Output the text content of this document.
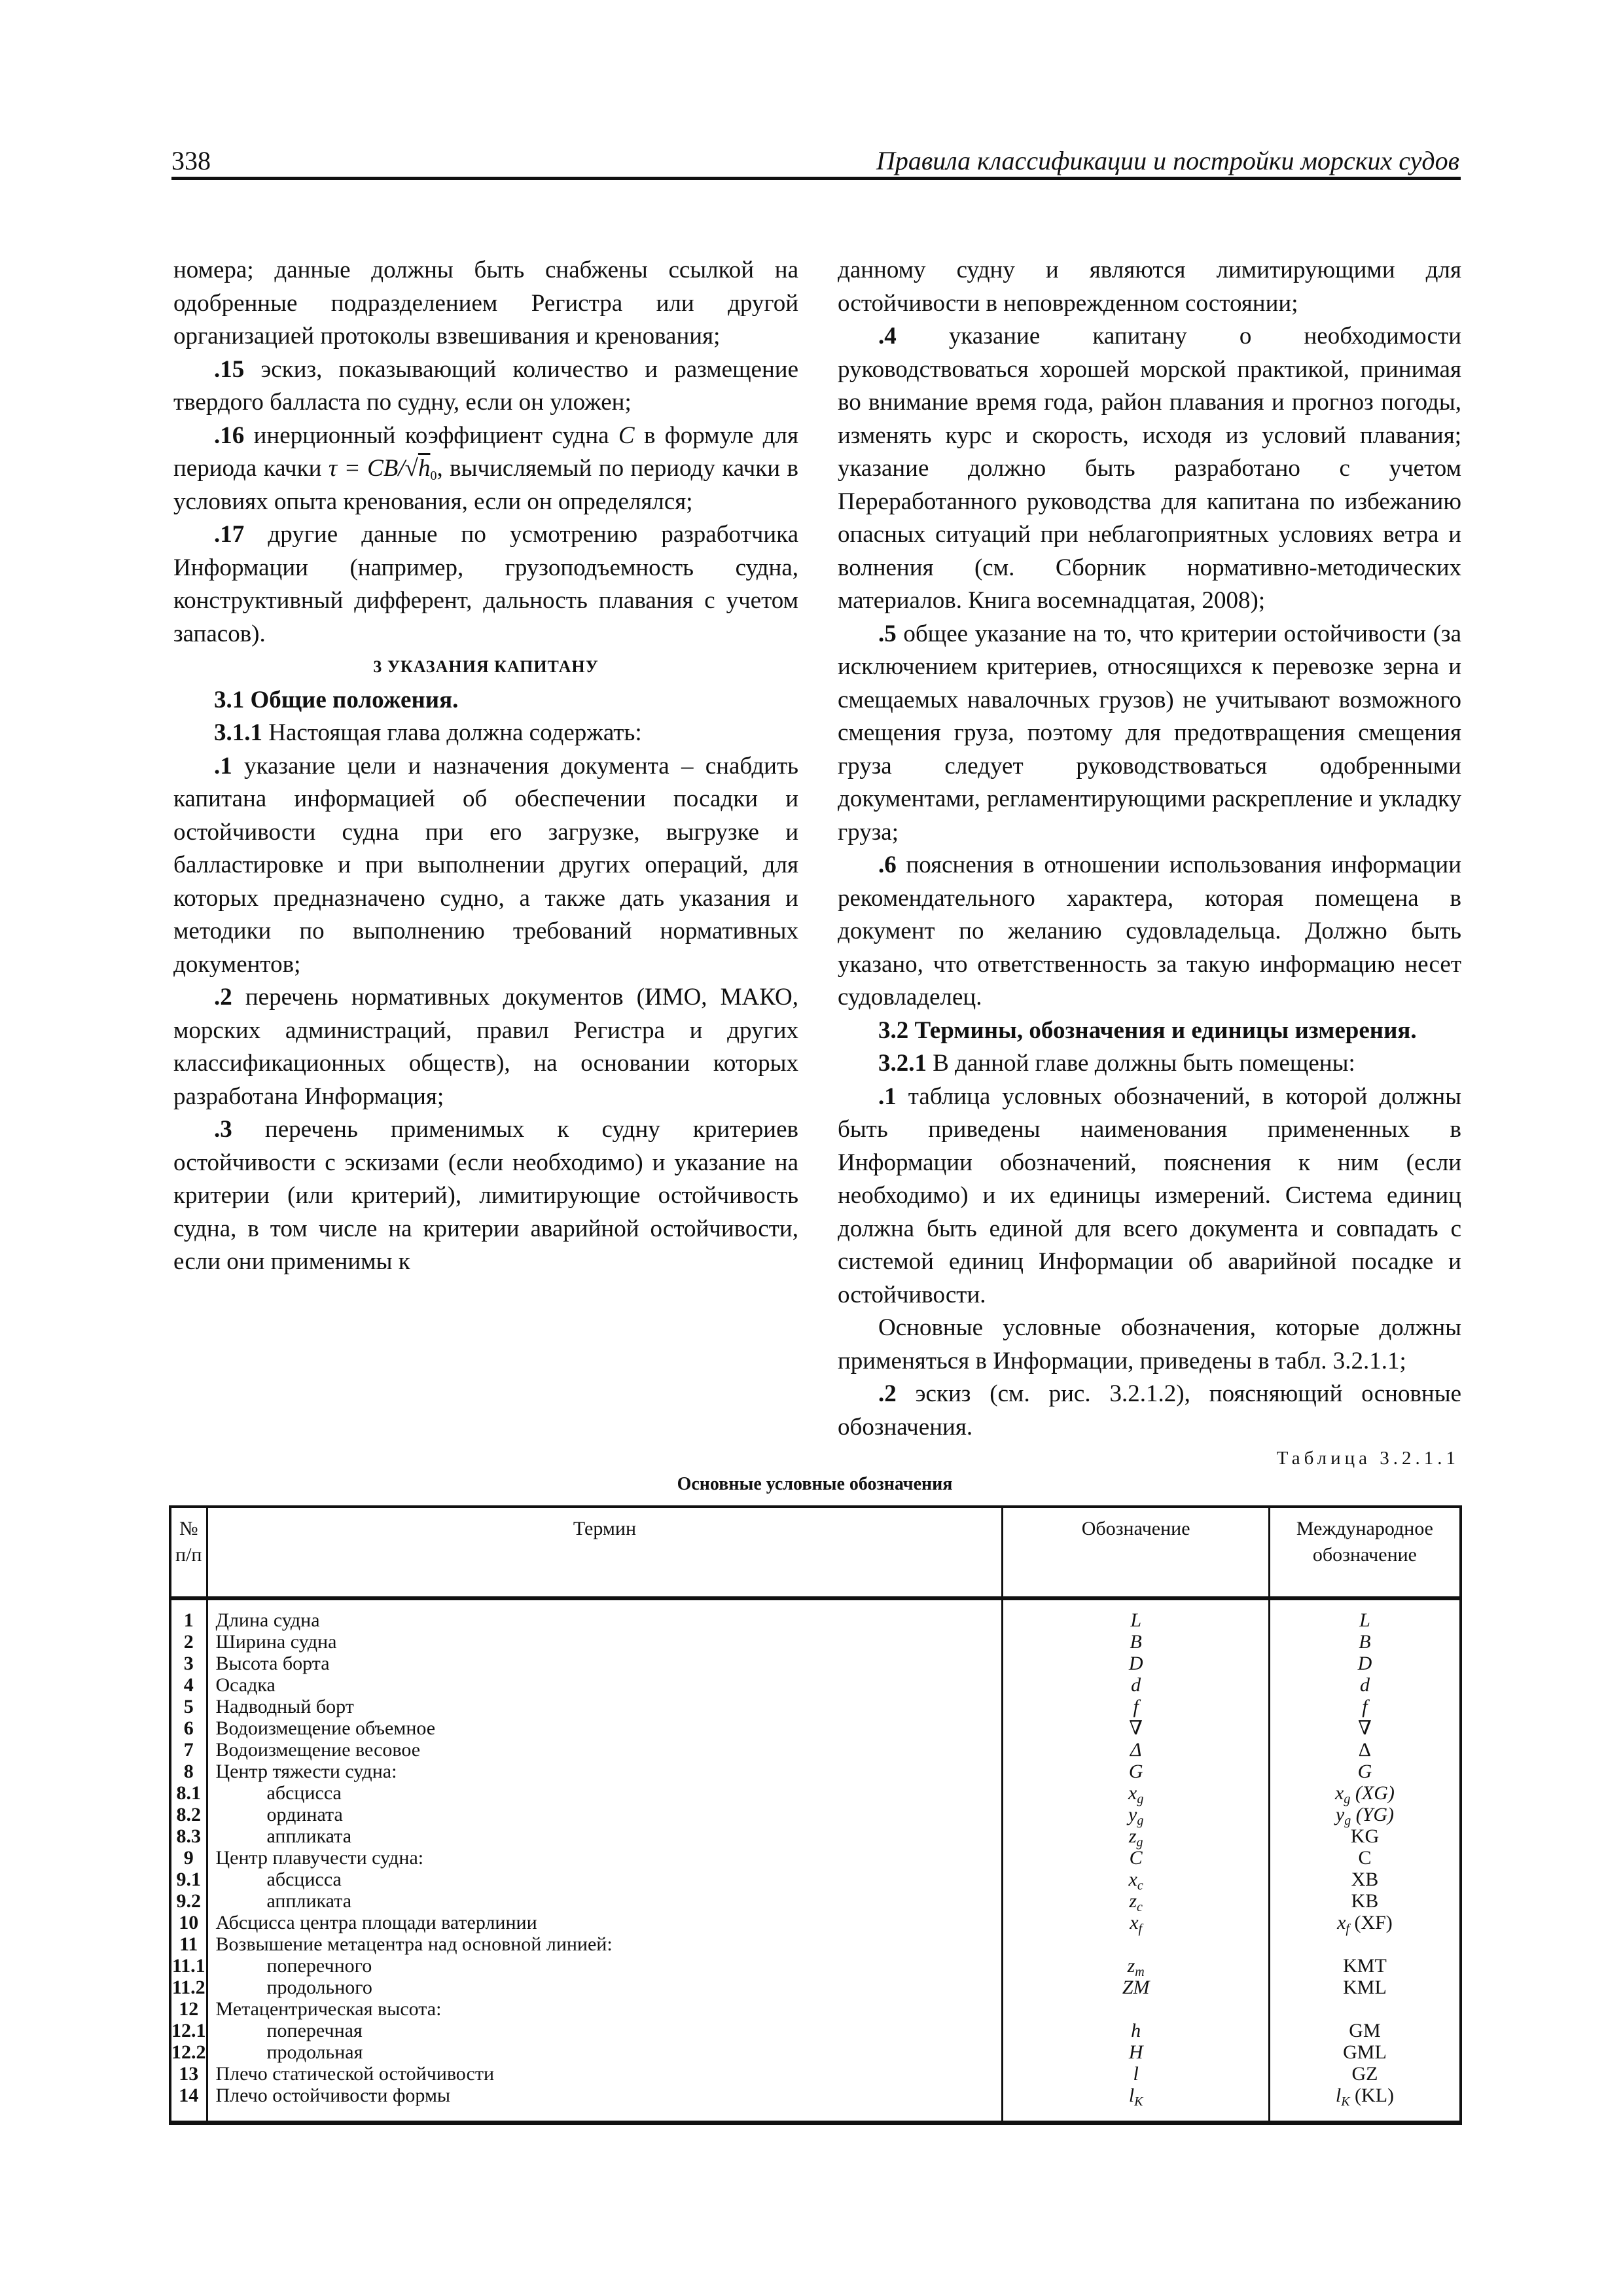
338	Правила классификации и постройки морских судов

номера; данные должны быть снабжены ссылкой на одобренные подразделением Регистра или другой организацией протоколы взвешивания и кренования;

.15 эскиз, показывающий количество и размещение твердого балласта по судну, если он уложен;

.16 инерционный коэффициент судна C в формуле для периода качки $\tau = CB/√h_0$, вычисляемый по периоду качки в условиях опыта кренования, если он определялся;

.17 другие данные по усмотрению разработчика Информации (например, грузоподъемность судна, конструктивный дифферент, дальность плавания с учетом запасов).

3 УКАЗАНИЯ КАПИТАНУ

3.1 Общие положения.

3.1.1 Настоящая глава должна содержать:

.1 указание цели и назначения документа – снабдить капитана информацией об обеспечении посадки и остойчивости судна при его загрузке, выгрузке и балластировке и при выполнении других операций, для которых предназначено судно, а также дать указания и методики по выполнению требований нормативных документов;

.2 перечень нормативных документов (ИМО, МАКО, морских администраций, правил Регистра и других классификационных обществ), на основании которых разработана Информация;

.3 перечень применимых к судну критериев остойчивости с эскизами (если необходимо) и указание на критерии (или критерий), лимитирующие остойчивость судна, в том числе на критерии аварийной остойчивости, если они применимы к

данному судну и являются лимитирующими для остойчивости в неповрежденном состоянии;

.4 указание капитану о необходимости руководствоваться хорошей морской практикой, принимая во внимание время года, район плавания и прогноз погоды, изменять курс и скорость, исходя из условий плавания; указание должно быть разработано с учетом Переработанного руководства для капитана по избежанию опасных ситуаций при неблагоприятных условиях ветра и волнения (см. Сборник нормативно-методических материалов. Книга восемнадцатая, 2008);

.5 общее указание на то, что критерии остойчивости (за исключением критериев, относящихся к перевозке зерна и смещаемых навалочных грузов) не учитывают возможного смещения груза, поэтому для предотвращения смещения груза следует руководствоваться одобренными документами, регламентирующими раскрепление и укладку груза;

.6 пояснения в отношении использования информации рекомендательного характера, которая помещена в документ по желанию судовладельца. Должно быть указано, что ответственность за такую информацию несет судовладелец.

3.2 Термины, обозначения и единицы измерения.

3.2.1 В данной главе должны быть помещены:

.1 таблица условных обозначений, в которой должны быть приведены наименования примененных в Информации обозначений, пояснения к ним (если необходимо) и их единицы измерений. Система единиц должна быть единой для всего документа и совпадать с системой единиц Информации об аварийной посадке и остойчивости.

Основные условные обозначения, которые должны применяться в Информации, приведены в табл. 3.2.1.1;

.2 эскиз (см. рис. 3.2.1.2), поясняющий основные обозначения.

Таблица 3.2.1.1
Основные условные обозначения
№ п/п	Термин	Обозначение	Международное обозначение
1	Длина судна	L	L
2	Ширина судна	B	B
3	Высота борта	D	D
4	Осадка	d	d
5	Надводный борт	f	f
6	Водоизмещение объемное	∇	∇
7	Водоизмещение весовое	Δ	Δ
8	Центр тяжести судна:	G	G
8.1	абсцисса	$x_g$	$x_g$ (XG)
8.2	ордината	$y_g$	$y_g$ (YG)
8.3	аппликата	$z_g$	KG
9	Центр плавучести судна:	C	C
9.1	абсцисса	$x_c$	XB
9.2	аппликата	$z_c$	KB
10	Абсцисса центра площади ватерлинии	$x_f$	$x_f$ (XF)
11	Возвышение метацентра над основной линией:		
11.1	поперечного	$z_m$	KMT
11.2	продольного	ZM	KML
12	Метацентрическая высота:		
12.1	поперечная	h	GM
12.2	продольная	H	GML
13	Плечо статической остойчивости	l	GZ
14	Плечо остойчивости формы	$l_K$	$l_K$ (KL)
